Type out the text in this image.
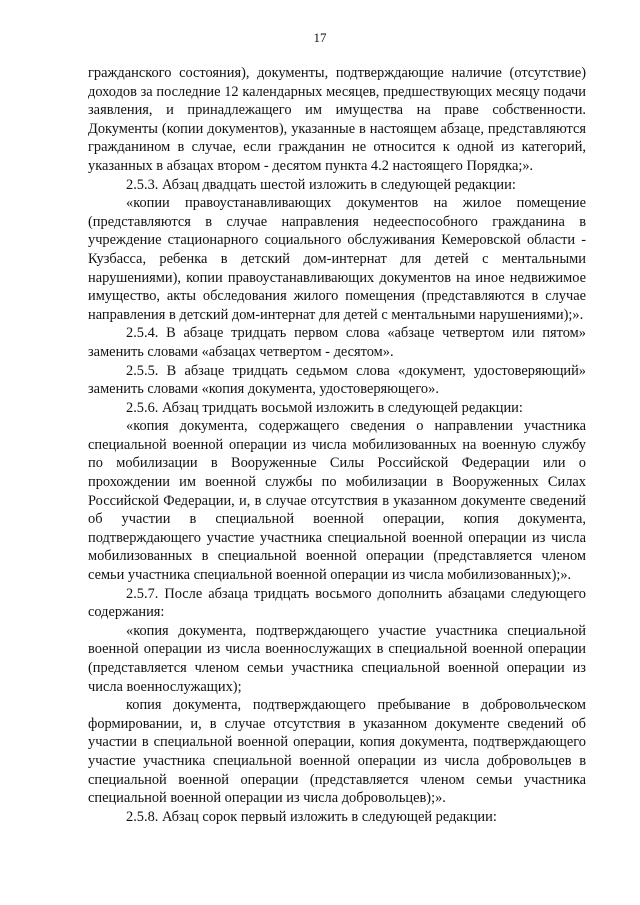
17

гражданского состояния), документы, подтверждающие наличие (отсутствие) доходов за последние 12 календарных месяцев, предшествующих месяцу подачи заявления, и принадлежащего им имущества на праве собственности. Документы (копии документов), указанные в настоящем абзаце, представляются гражданином в случае, если гражданин не относится к одной из категорий, указанных в абзацах втором - десятом пункта 4.2 настоящего Порядка;».

2.5.3. Абзац двадцать шестой изложить в следующей редакции:

«копии правоустанавливающих документов на жилое помещение (представляются в случае направления недееспособного гражданина в учреждение стационарного социального обслуживания Кемеровской области - Кузбасса, ребенка в детский дом-интернат для детей с ментальными нарушениями), копии правоустанавливающих документов на иное недвижимое имущество, акты обследования жилого помещения (представляются в случае направления в детский дом-интернат для детей с ментальными нарушениями);».

2.5.4. В абзаце тридцать первом слова «абзаце четвертом или пятом» заменить словами «абзацах четвертом - десятом».

2.5.5. В абзаце тридцать седьмом слова «документ, удостоверяющий» заменить словами «копия документа, удостоверяющего».

2.5.6. Абзац тридцать восьмой изложить в следующей редакции:

«копия документа, содержащего сведения о направлении участника специальной военной операции из числа мобилизованных на военную службу по мобилизации в Вооруженные Силы Российской Федерации или о прохождении им военной службы по мобилизации в Вооруженных Силах Российской Федерации, и, в случае отсутствия в указанном документе сведений об участии в специальной военной операции, копия документа, подтверждающего участие участника специальной военной операции из числа мобилизованных в специальной военной операции (представляется членом семьи участника специальной военной операции из числа мобилизованных);».

2.5.7. После абзаца тридцать восьмого дополнить абзацами следующего содержания:

«копия документа, подтверждающего участие участника специальной военной операции из числа военнослужащих в специальной военной операции (представляется членом семьи участника специальной военной операции из числа военнослужащих);

копия документа, подтверждающего пребывание в добровольческом формировании, и, в случае отсутствия в указанном документе сведений об участии в специальной военной операции, копия документа, подтверждающего участие участника специальной военной операции из числа добровольцев в специальной военной операции (представляется членом семьи участника специальной военной операции из числа добровольцев);».

2.5.8. Абзац сорок первый изложить в следующей редакции:
